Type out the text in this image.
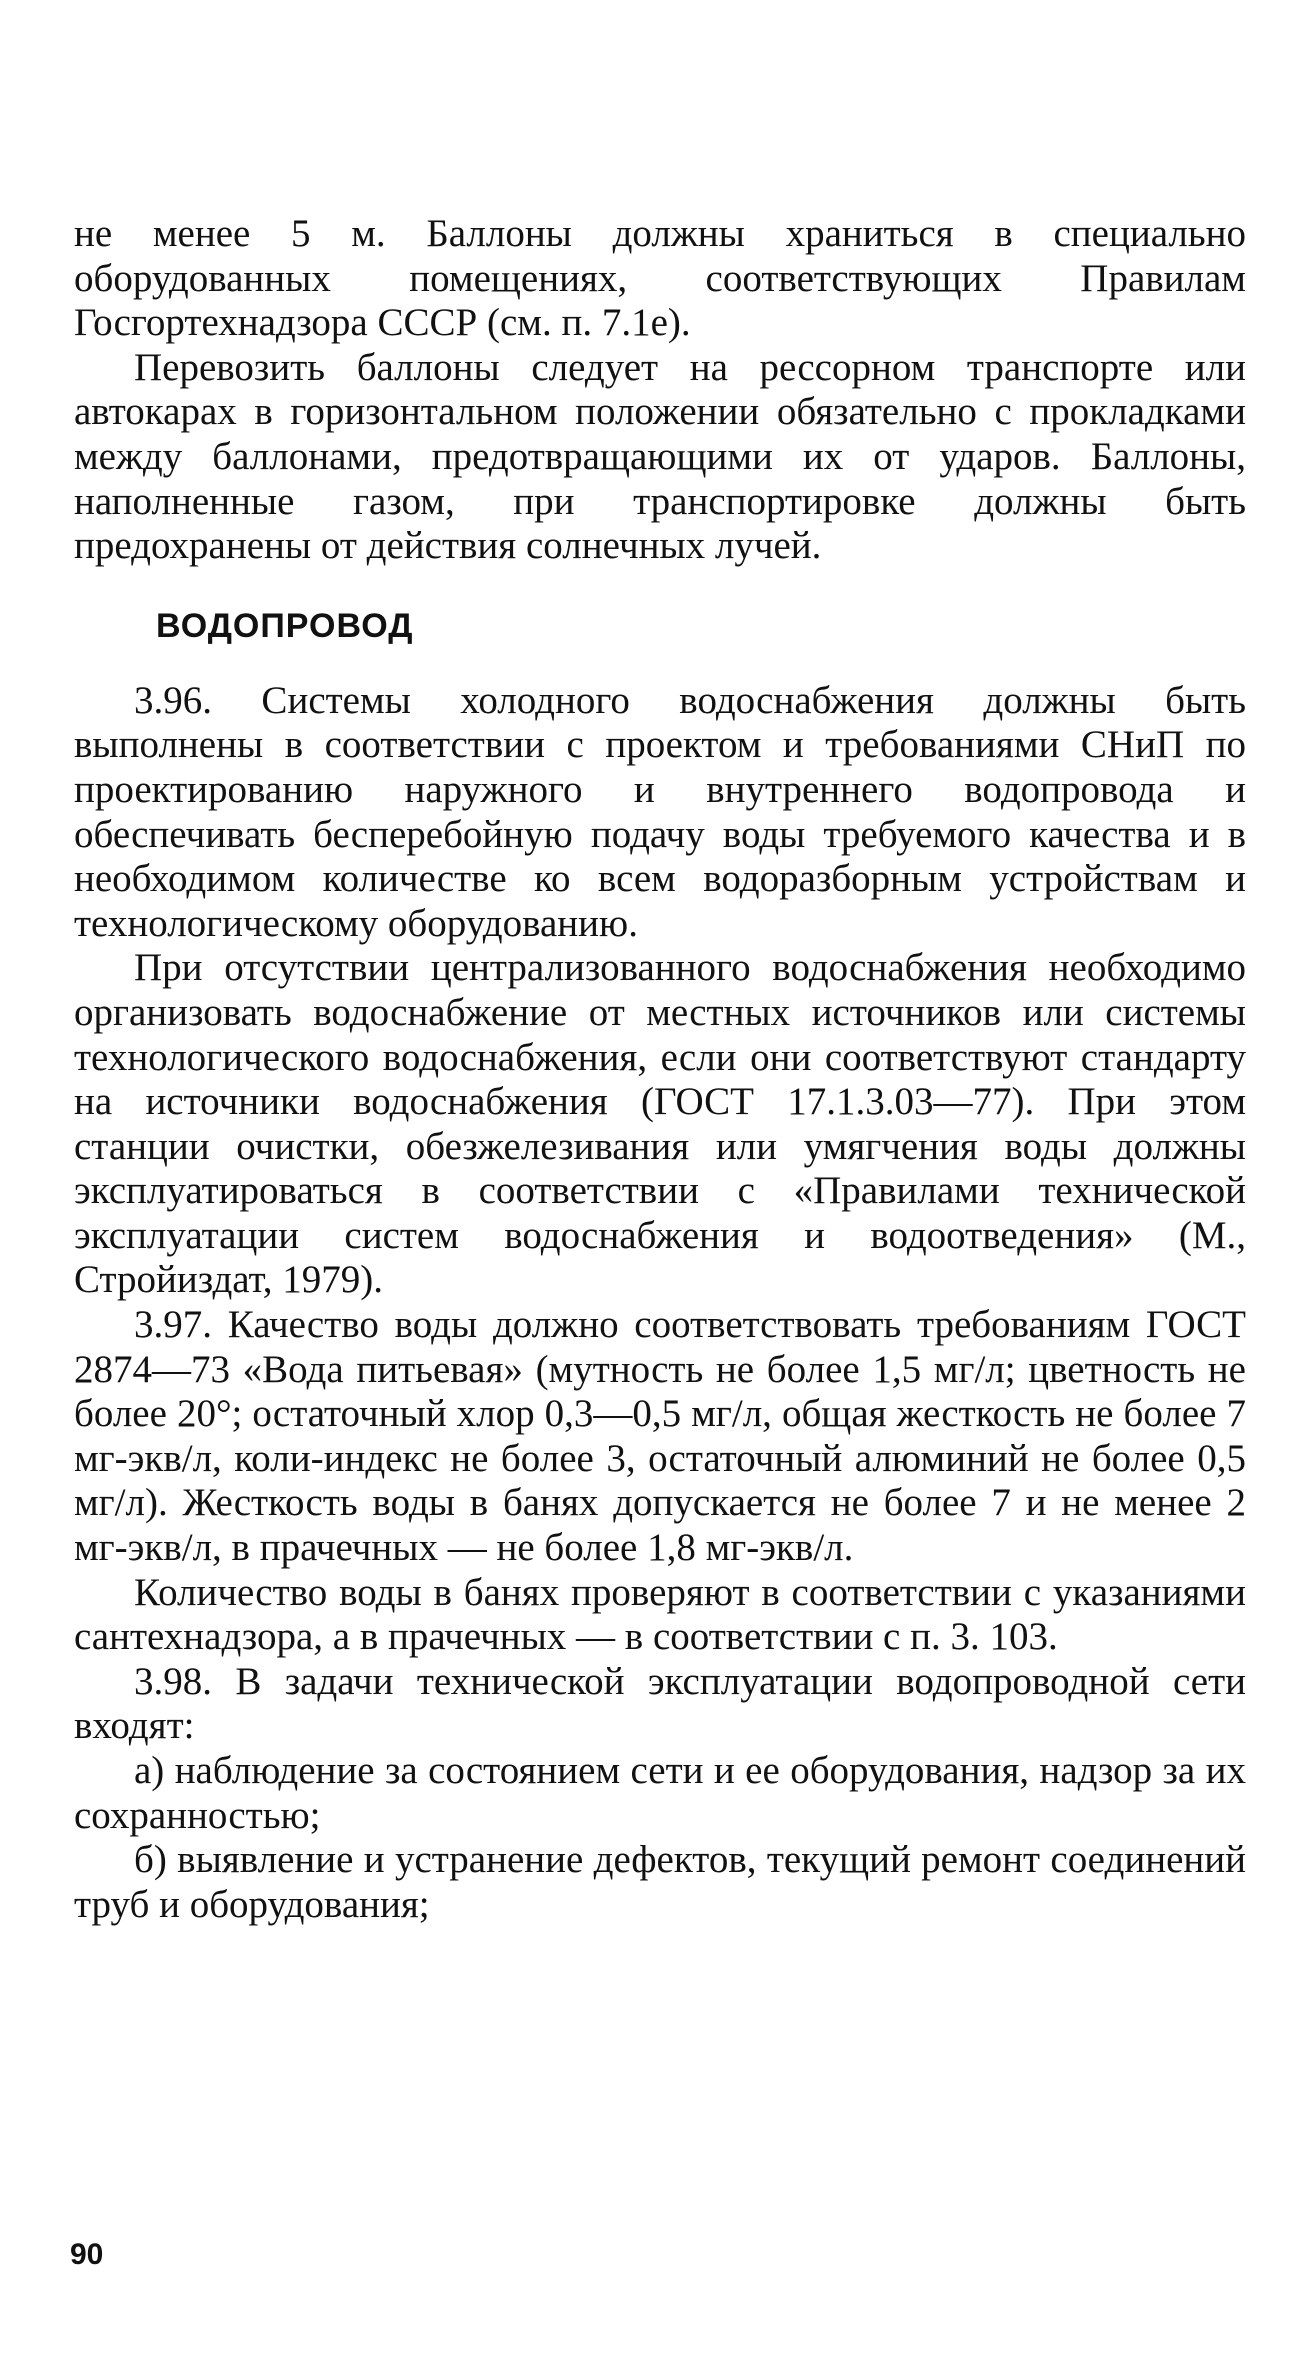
не менее 5 м. Баллоны должны храниться в специально оборудованных помещениях, соответствующих Правилам Госгортехнадзора СССР (см. п. 7.1е).

Перевозить баллоны следует на рессорном транспорте или автокарах в горизонтальном положении обязательно с прокладками между баллонами, предотвращающими их от ударов. Баллоны, наполненные газом, при транспортировке должны быть предохранены от действия солнечных лучей.

ВОДОПРОВОД

3.96. Системы холодного водоснабжения должны быть выполнены в соответствии с проектом и требованиями СНиП по проектированию наружного и внутреннего водопровода и обеспечивать бесперебойную подачу воды требуемого качества и в необходимом количестве ко всем водоразборным устройствам и технологическому оборудованию.

При отсутствии централизованного водоснабжения необходимо организовать водоснабжение от местных источников или системы технологического водоснабжения, если они соответствуют стандарту на источники водоснабжения (ГОСТ 17.1.3.03—77). При этом станции очистки, обезжелезивания или умягчения воды должны эксплуатироваться в соответствии с «Правилами технической эксплуатации систем водоснабжения и водоотведения» (М., Стройиздат, 1979).

3.97. Качество воды должно соответствовать требованиям ГОСТ 2874—73 «Вода питьевая» (мутность не более 1,5 мг/л; цветность не более 20°; остаточный хлор 0,3—0,5 мг/л, общая жесткость не более 7 мг-экв/л, коли-индекс не более 3, остаточный алюминий не более 0,5 мг/л). Жесткость воды в банях допускается не более 7 и не менее 2 мг-экв/л, в прачечных — не более 1,8 мг-экв/л.

Количество воды в банях проверяют в соответствии с указаниями сантехнадзора, а в прачечных — в соответствии с п. 3. 103.

3.98. В задачи технической эксплуатации водопроводной сети входят:

а) наблюдение за состоянием сети и ее оборудования, надзор за их сохранностью;

б) выявление и устранение дефектов, текущий ремонт соединений труб и оборудования;

90
